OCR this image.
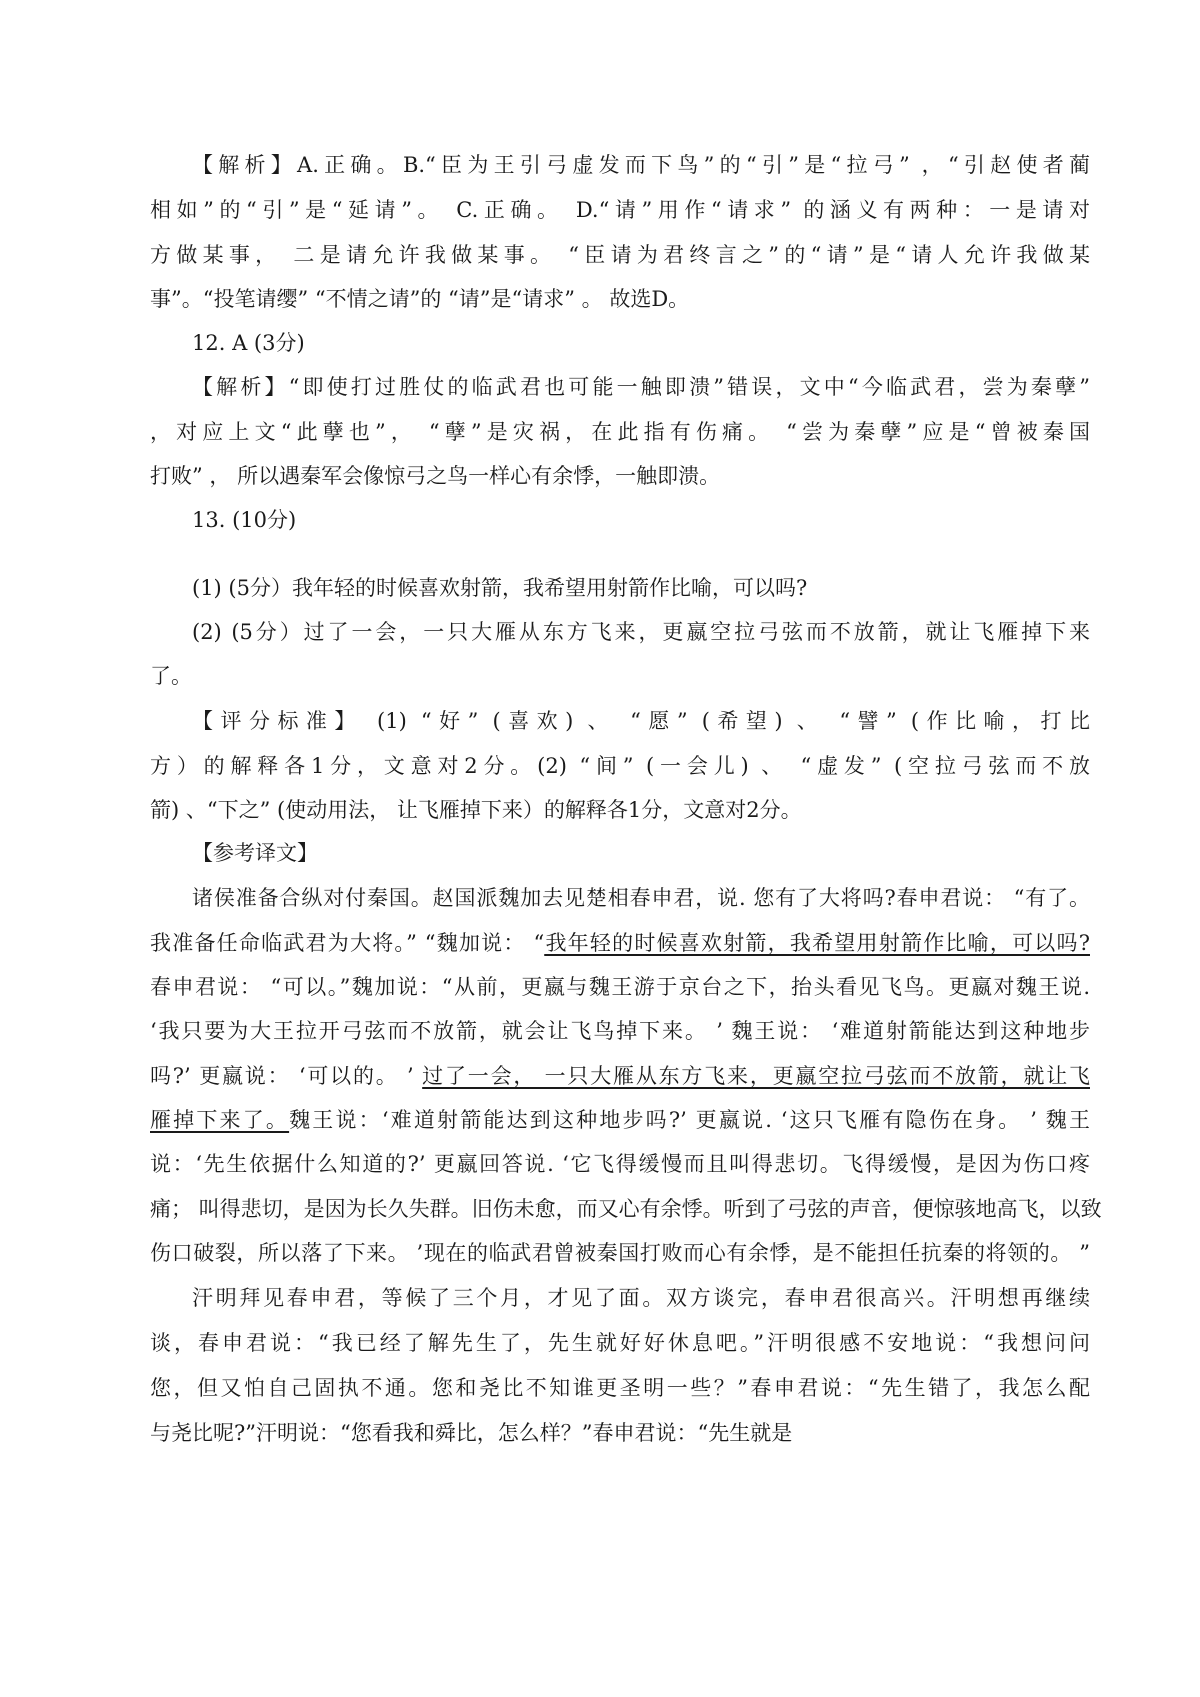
【解析】A.正确。B.“臣为王引弓虚发而下鸟”的“引”是“拉弓” ，“引赵使者蔺

相如”的“引”是“延请”。 C.正确。 D.“请”用作“请求” 的涵义有两种：一是请对

方做某事， 二是请允许我做某事。 “臣请为君终言之”的“请”是“请人允许我做某

事”。“投笔请缨” “不情之请”的 “请”是“请求” 。 故选D。

12. A (3分)

【解析】“即使打过胜仗的临武君也可能一触即溃”错误，文中“今临武君，尝为秦孽”

，对应上文“此孽也”， “孽”是灾祸，在此指有伤痛。 “尝为秦孽”应是“曾被秦国

打败” ， 所以遇秦军会像惊弓之鸟一样心有余悸，一触即溃。

13. (10分)

(1) (5分）我年轻的时候喜欢射箭，我希望用射箭作比喻，可以吗?

(2) (5分）过了一会，一只大雁从东方飞来，更嬴空拉弓弦而不放箭，就让飞雁掉下来

了。

【评分标准】 (1) “好” (喜欢) 、 “愿” (希望) 、 “譬” (作比喻，打比

方）的解释各1分，文意对2分。(2) “间” (一会儿) 、 “虚发” (空拉弓弦而不放

箭) 、“下之” (使动用法， 让飞雁掉下来）的解释各1分，文意对2分。

【参考译文】

诸侯准备合纵对付秦国。赵国派魏加去见楚相春申君，说. 您有了大将吗?春申君说： “有了。

我准备任命临武君为大将。” “魏加说： “我年轻的时候喜欢射箭，我希望用射箭作比喻，可以吗?

春申君说： “可以。”魏加说：“从前，更嬴与魏王游于京台之下，抬头看见飞鸟。更嬴对魏王说.

‘我只要为大王拉开弓弦而不放箭，就会让飞鸟掉下来。 ’ 魏王说： ‘难道射箭能达到这种地步

吗?’ 更嬴说： ‘可以的。 ’ 过了一会， 一只大雁从东方飞来，更嬴空拉弓弦而不放箭，就让飞

雁掉下来了。魏王说：‘难道射箭能达到这种地步吗?’ 更嬴说. ‘这只飞雁有隐伤在身。 ’ 魏王

说：‘先生依据什么知道的?’ 更嬴回答说. ‘它飞得缓慢而且叫得悲切。飞得缓慢，是因为伤口疼

痛； 叫得悲切，是因为长久失群。旧伤未愈，而又心有余悸。听到了弓弦的声音，便惊骇地高飞，以致

伤口破裂，所以落了下来。 ’现在的临武君曾被秦国打败而心有余悸，是不能担任抗秦的将领的。 ”

汗明拜见春申君，等候了三个月，才见了面。双方谈完，春申君很高兴。汗明想再继续

谈，春申君说：“我已经了解先生了，先生就好好休息吧。”汗明很感不安地说：“我想问问

您，但又怕自己固执不通。您和尧比不知谁更圣明一些？”春申君说：“先生错了，我怎么配

与尧比呢?”汗明说：“您看我和舜比，怎么样？”春申君说：“先生就是
